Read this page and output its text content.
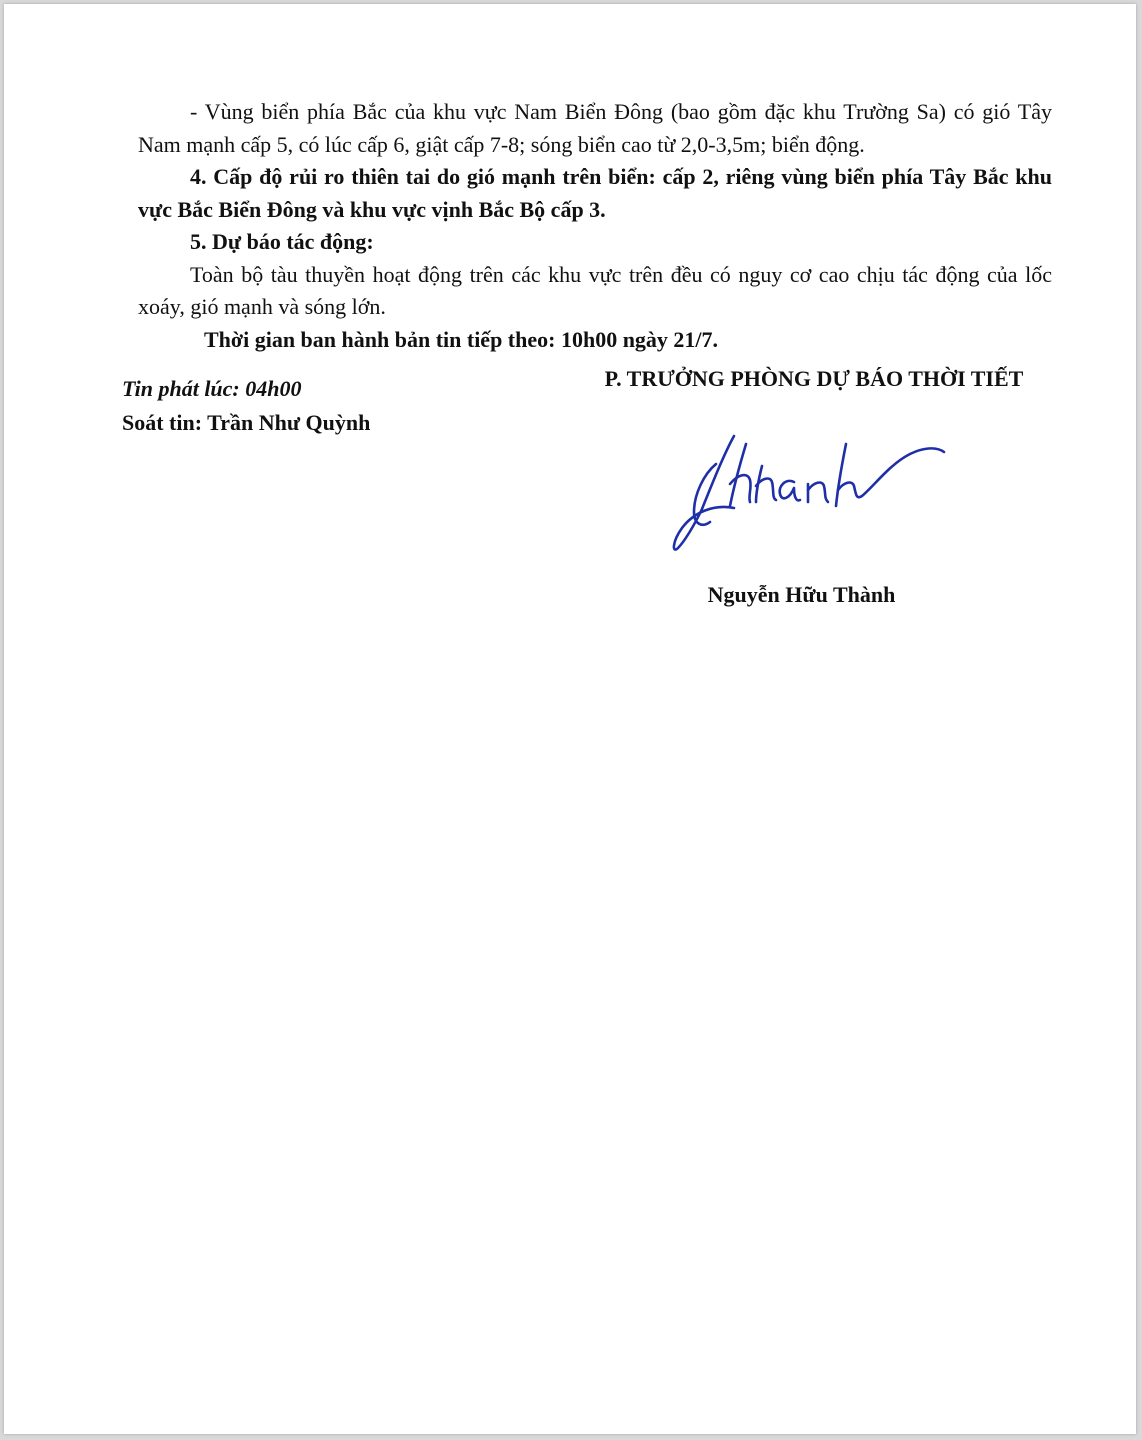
- Vùng biển phía Bắc của khu vực Nam Biển Đông (bao gồm đặc khu Trường Sa) có gió Tây Nam mạnh cấp 5, có lúc cấp 6, giật cấp 7-8; sóng biển cao từ 2,0-3,5m; biển động.

4. Cấp độ rủi ro thiên tai do gió mạnh trên biển: cấp 2, riêng vùng biển phía Tây Bắc khu vực Bắc Biển Đông và khu vực vịnh Bắc Bộ cấp 3.

5. Dự báo tác động:

Toàn bộ tàu thuyền hoạt động trên các khu vực trên đều có nguy cơ cao chịu tác động của lốc xoáy, gió mạnh và sóng lớn.

Thời gian ban hành bản tin tiếp theo: 10h00 ngày 21/7.

Tin phát lúc: 04h00
Soát tin: Trần Như Quỳnh
P. TRƯỞNG PHÒNG DỰ BÁO THỜI TIẾT
Nguyễn Hữu Thành
